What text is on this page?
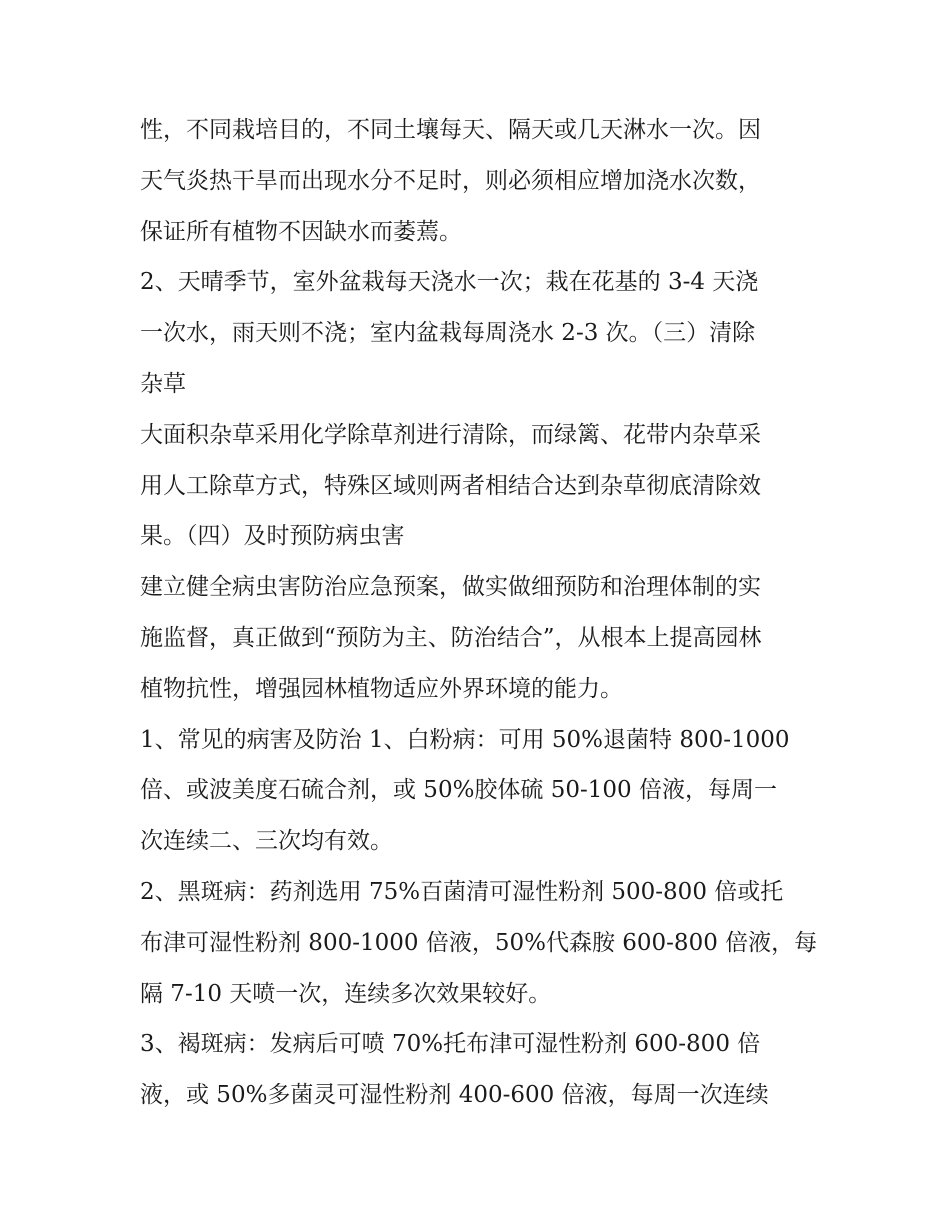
性，不同栽培目的，不同土壤每天、隔天或几天淋水一次。因
天气炎热干旱而出现水分不足时，则必须相应增加浇水次数，
保证所有植物不因缺水而萎蔫。
2、天晴季节，室外盆栽每天浇水一次；栽在花基的 3-4 天浇
一次水，雨天则不浇；室内盆栽每周浇水 2-3 次。（三）清除
杂草
大面积杂草采用化学除草剂进行清除，而绿篱、花带内杂草采
用人工除草方式，特殊区域则两者相结合达到杂草彻底清除效
果。（四）及时预防病虫害
建立健全病虫害防治应急预案，做实做细预防和治理体制的实
施监督，真正做到“预防为主、防治结合”，从根本上提高园林
植物抗性，增强园林植物适应外界环境的能力。
1、常见的病害及防治 1、白粉病：可用 50%退菌特 800-1000
倍、或波美度石硫合剂，或 50%胶体硫 50-100 倍液，每周一
次连续二、三次均有效。
2、黑斑病：药剂选用 75%百菌清可湿性粉剂 500-800 倍或托
布津可湿性粉剂 800-1000 倍液，50%代森胺 600-800 倍液，每
隔 7-10 天喷一次，连续多次效果较好。
3、褐斑病：发病后可喷 70%托布津可湿性粉剂 600-800 倍
液，或 50%多菌灵可湿性粉剂 400-600 倍液，每周一次连续
